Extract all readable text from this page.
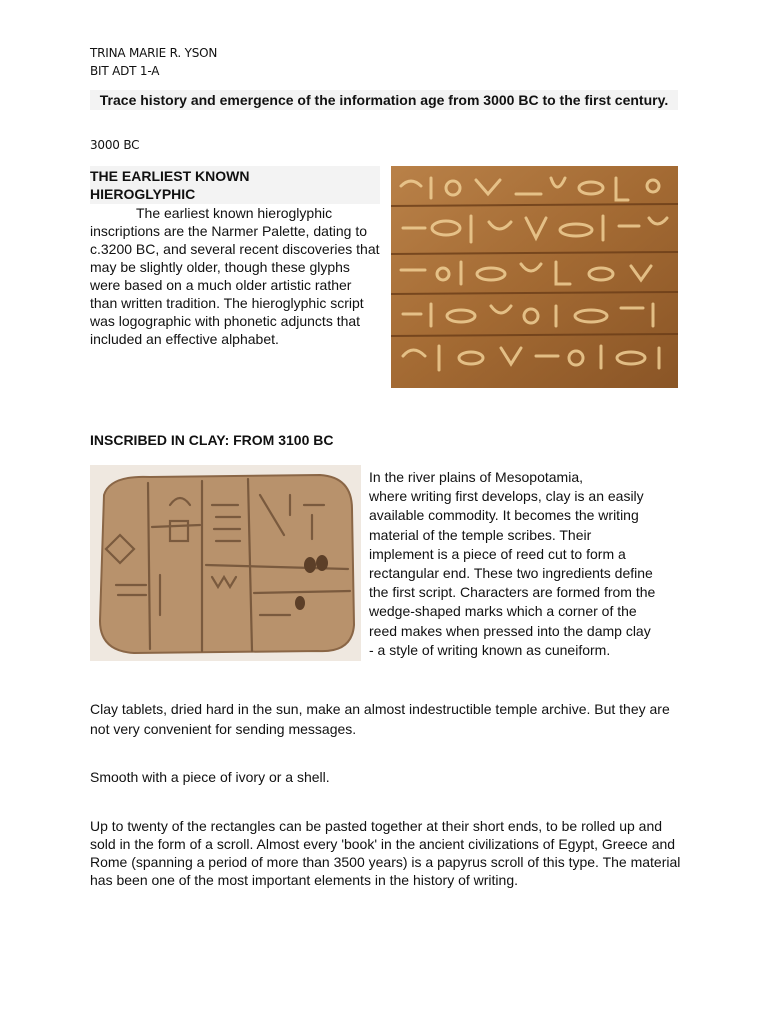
TRINA MARIE R. YSON
BIT ADT 1-A
Trace history and emergence of the information age from 3000 BC to the first century.
3000 BC
THE EARLIEST KNOWN
HIEROGLYPHIC
The earliest known hieroglyphic inscriptions are the Narmer Palette, dating to c.3200 BC, and several recent discoveries that may be slightly older, though these glyphs were based on a much older artistic rather than written tradition. The hieroglyphic script was logographic with phonetic adjuncts that included an effective alphabet.
INSCRIBED IN CLAY: FROM 3100 BC
In the river plains of Mesopotamia,
where writing first develops, clay is an easily
available commodity. It becomes the writing
material of the temple scribes. Their
implement is a piece of reed cut to form a
rectangular end. These two ingredients define
the first script. Characters are formed from the
wedge-shaped marks which a corner of the
reed makes when pressed into the damp clay
- a style of writing known as cuneiform.
Clay tablets, dried hard in the sun, make an almost indestructible temple archive. But they are not very convenient for sending messages.
Smooth with a piece of ivory or a shell.
Up to twenty of the rectangles can be pasted together at their short ends, to be rolled up and sold in the form of a scroll. Almost every 'book' in the ancient civilizations of Egypt, Greece and Rome (spanning a period of more than 3500 years) is a papyrus scroll of this type. The material has been one of the most important elements in the history of writing.
